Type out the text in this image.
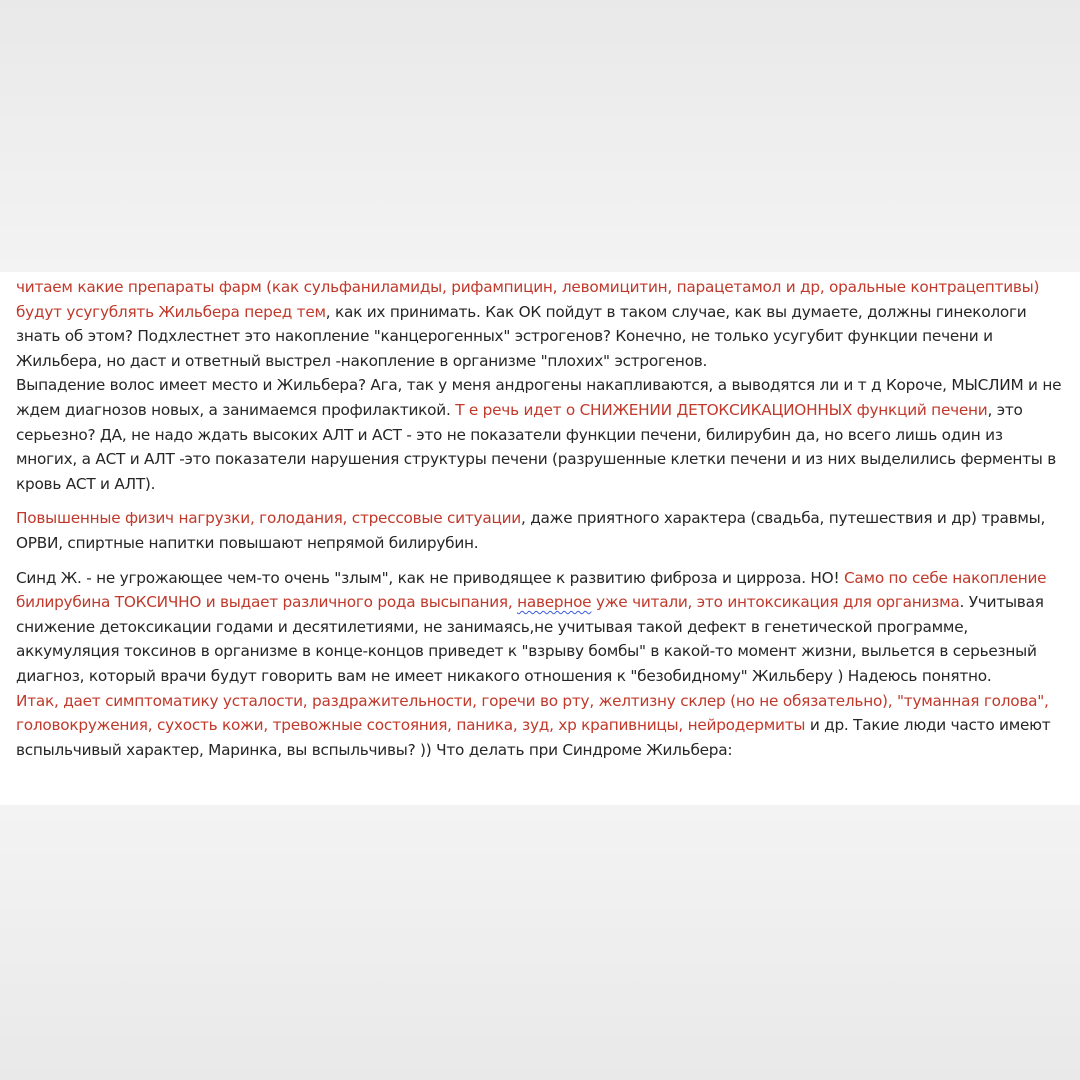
читаем какие препараты фарм (как сульфаниламиды, рифампицин, левомицитин, парацетамол и др, оральные контрацептивы) будут усугублять Жильбера перед тем, как их принимать. Как ОК пойдут в таком случае, как вы думаете, должны гинекологи знать об этом? Подхлестнет это накопление "канцерогенных" эстрогенов? Конечно, не только усугубит функции печени и Жильбера, но даст и ответный выстрел -накопление в организме "плохих" эстрогенов.

Выпадение волос имеет место и Жильбера? Ага, так у меня андрогены накапливаются, а выводятся ли и т д Короче, МЫСЛИМ и не ждем диагнозов новых, а занимаемся профилактикой. Т е речь идет о СНИЖЕНИИ ДЕТОКСИКАЦИОННЫХ функций печени, это серьезно? ДА, не надо ждать высоких АЛТ и АСТ - это не показатели функции печени, билирубин да, но всего лишь один из многих, а АСТ и АЛТ -это показатели нарушения структуры печени (разрушенные клетки печени и из них выделились ферменты в кровь АСТ и АЛТ).

Повышенные физич нагрузки, голодания, стрессовые ситуации, даже приятного характера (свадьба, путешествия и др) травмы, ОРВИ, спиртные напитки повышают непрямой билирубин.

Синд Ж. - не угрожающее чем-то очень "злым", как не приводящее к развитию фиброза и цирроза. НО! Само по себе накопление билирубина ТОКСИЧНО и выдает различного рода высыпания, наверное уже читали, это интоксикация для организма. Учитывая снижение детоксикации годами и десятилетиями, не занимаясь,не учитывая такой дефект в генетической программе, аккумуляция токсинов в организме в конце-концов приведет к "взрыву бомбы" в какой-то момент жизни, выльется в серьезный диагноз, который врачи будут говорить вам не имеет никакого отношения к "безобидному" Жильберу ) Надеюсь понятно.

Итак, дает симптоматику усталости, раздражительности, горечи во рту, желтизну склер (но не обязательно), "туманная голова", головокружения, сухость кожи, тревожные состояния, паника, зуд, хр крапивницы, нейродермиты и др. Такие люди часто имеют вспыльчивый характер, Маринка, вы вспыльчивы? )) Что делать при Синдроме Жильбера:
